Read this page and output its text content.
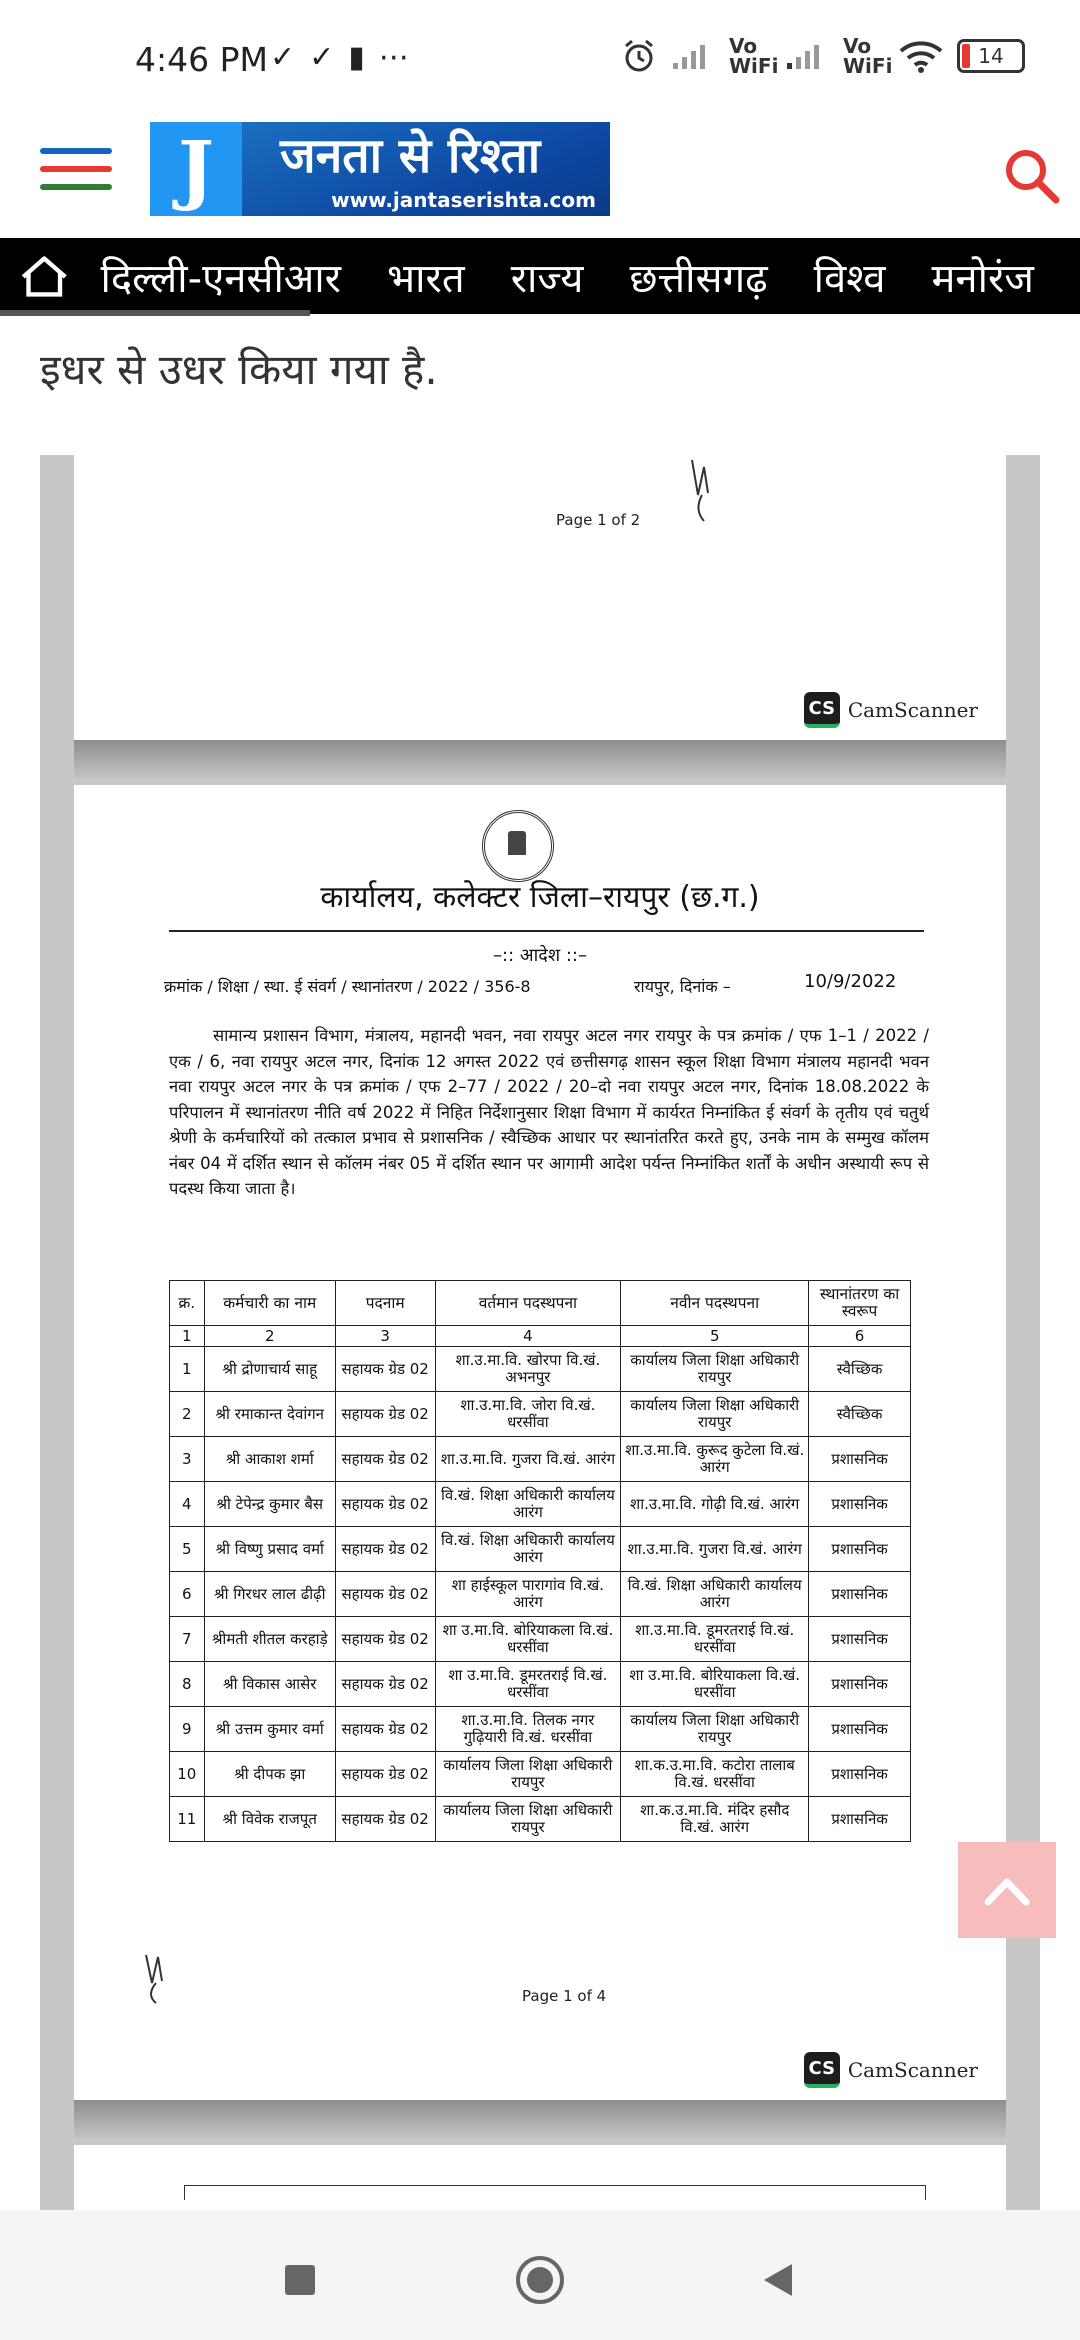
4:46 PM ✓✓▮⋯	Vo WiFi
Vo WiFi	14
J	जनता से रिश्ता
www.jantaserishta.com
दिल्ली-एनसीआर भारत राज्य छत्तीसगढ़ विश्व मनोरंज
इधर से उधर किया गया है.
Page 1 of 2
CS CamScanner
कार्यालय, कलेक्टर जिला–रायपुर (छ.ग.)
–:: आदेश ::–
क्रमांक / शिक्षा / स्था. ई संवर्ग / स्थानांतरण / 2022 / 356-8	रायपुर, दिनांक –	10/9/2022
सामान्य प्रशासन विभाग, मंत्रालय, महानदी भवन, नवा रायपुर अटल नगर रायपुर के पत्र क्रमांक / एफ 1–1 / 2022 / एक / 6, नवा रायपुर अटल नगर, दिनांक 12 अगस्त 2022 एवं छत्तीसगढ़ शासन स्कूल शिक्षा विभाग मंत्रालय महानदी भवन नवा रायपुर अटल नगर के पत्र क्रमांक / एफ 2–77 / 2022 / 20–दो नवा रायपुर अटल नगर, दिनांक 18.08.2022 के परिपालन में स्थानांतरण नीति वर्ष 2022 में निहित निर्देशानुसार शिक्षा विभाग में कार्यरत निम्नांकित ई संवर्ग के तृतीय एवं चतुर्थ श्रेणी के कर्मचारियों को तत्काल प्रभाव से प्रशासनिक / स्वैच्छिक आधार पर स्थानांतरित करते हुए, उनके नाम के सम्मुख कॉलम नंबर 04 में दर्शित स्थान से कॉलम नंबर 05 में दर्शित स्थान पर आगामी आदेश पर्यन्त निम्नांकित शर्तों के अधीन अस्थायी रूप से पदस्थ किया जाता है।
क्र.	कर्मचारी का नाम	पदनाम	वर्तमान पदस्थपना	नवीन पदस्थपना	स्थानांतरण का स्वरूप
1	2	3	4	5	6
1	श्री द्रोणाचार्य साहू	सहायक ग्रेड 02	शा.उ.मा.वि. खोरपा वि.खं. अभनपुर	कार्यालय जिला शिक्षा अधिकारी रायपुर	स्वैच्छिक
2	श्री रमाकान्त देवांगन	सहायक ग्रेड 02	शा.उ.मा.वि. जोरा वि.खं. धरसींवा	कार्यालय जिला शिक्षा अधिकारी रायपुर	स्वैच्छिक
3	श्री आकाश शर्मा	सहायक ग्रेड 02	शा.उ.मा.वि. गुजरा वि.खं. आरंग	शा.उ.मा.वि. कुरूद कुटेला वि.खं. आरंग	प्रशासनिक
4	श्री टेपेन्द्र कुमार बैस	सहायक ग्रेड 02	वि.खं. शिक्षा अधिकारी कार्यालय आरंग	शा.उ.मा.वि. गोढ़ी वि.खं. आरंग	प्रशासनिक
5	श्री विष्णु प्रसाद वर्मा	सहायक ग्रेड 02	वि.खं. शिक्षा अधिकारी कार्यालय आरंग	शा.उ.मा.वि. गुजरा वि.खं. आरंग	प्रशासनिक
6	श्री गिरधर लाल ढीढ़ी	सहायक ग्रेड 02	शा हाईस्कूल पारागांव वि.खं. आरंग	वि.खं. शिक्षा अधिकारी कार्यालय आरंग	प्रशासनिक
7	श्रीमती शीतल करहाड़े	सहायक ग्रेड 02	शा उ.मा.वि. बोरियाकला वि.खं. धरसींवा	शा.उ.मा.वि. डूमरतराई वि.खं. धरसींवा	प्रशासनिक
8	श्री विकास आसेर	सहायक ग्रेड 02	शा उ.मा.वि. डूमरतराई वि.खं. धरसींवा	शा उ.मा.वि. बोरियाकला वि.खं. धरसींवा	प्रशासनिक
9	श्री उत्तम कुमार वर्मा	सहायक ग्रेड 02	शा.उ.मा.वि. तिलक नगर गुढ़ियारी वि.खं. धरसींवा	कार्यालय जिला शिक्षा अधिकारी रायपुर	प्रशासनिक
10	श्री दीपक झा	सहायक ग्रेड 02	कार्यालय जिला शिक्षा अधिकारी रायपुर	शा.क.उ.मा.वि. कटोरा तालाब वि.खं. धरसींवा	प्रशासनिक
11	श्री विवेक राजपूत	सहायक ग्रेड 02	कार्यालय जिला शिक्षा अधिकारी रायपुर	शा.क.उ.मा.वि. मंदिर हसौद वि.खं. आरंग	प्रशासनिक
Page 1 of 4
CS CamScanner
